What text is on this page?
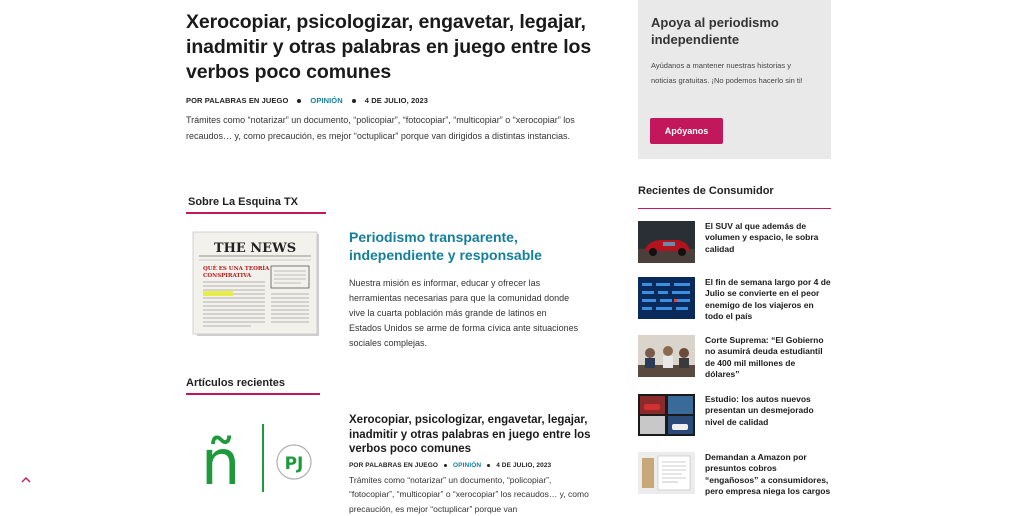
Xerocopiar, psicologizar, engavetar, legajar, inadmitir y otras palabras en juego entre los verbos poco comunes
POR PALABRAS EN JUEGO	OPINIÓN	4 DE JULIO, 2023
Trámites como “notarizar” un documento, “policopiar”, “fotocopiar”, “multicopiar” o “xerocopiar” los recaudos… y, como precaución, es mejor “octuplicar” porque van dirigidos a distintas instancias.
Sobre La Esquina TX
THE NEWS
QUÉ ES UNA TEORÍA
CONSPIRATIVA
Periodismo transparente, independiente y responsable
Nuestra misión es informar, educar y ofrecer las herramientas necesarias para que la comunidad donde vive la cuarta población más grande de latinos en Estados Unidos se arme de forma cívica ante situaciones sociales complejas.
Artículos recientes
ñ	PJ
Xerocopiar, psicologizar, engavetar, legajar, inadmitir y otras palabras en juego entre los verbos poco comunes
POR PALABRAS EN JUEGO OPINIÓN 4 DE JULIO, 2023
Trámites como “notarizar” un documento, “policopiar”, “fotocopiar”, “multicopiar” o “xerocopiar” los recaudos… y, como precaución, es mejor “octuplicar” porque van
Apoya al periodismo independiente

Ayúdanos a mantener nuestras historias y noticias gratuitas. ¡No podemos hacerlo sin ti!

Apóyanos
Recientes de Consumidor
El SUV al que además de volumen y espacio, le sobra calidad
El fin de semana largo por 4 de Julio se convierte en el peor enemigo de los viajeros en todo el país
Corte Suprema: “El Gobierno no asumirá deuda estudiantil de 400 mil millones de dólares”
Estudio: los autos nuevos presentan un desmejorado nivel de calidad
Demandan a Amazon por presuntos cobros “engañosos” a consumidores, pero empresa niega los cargos
